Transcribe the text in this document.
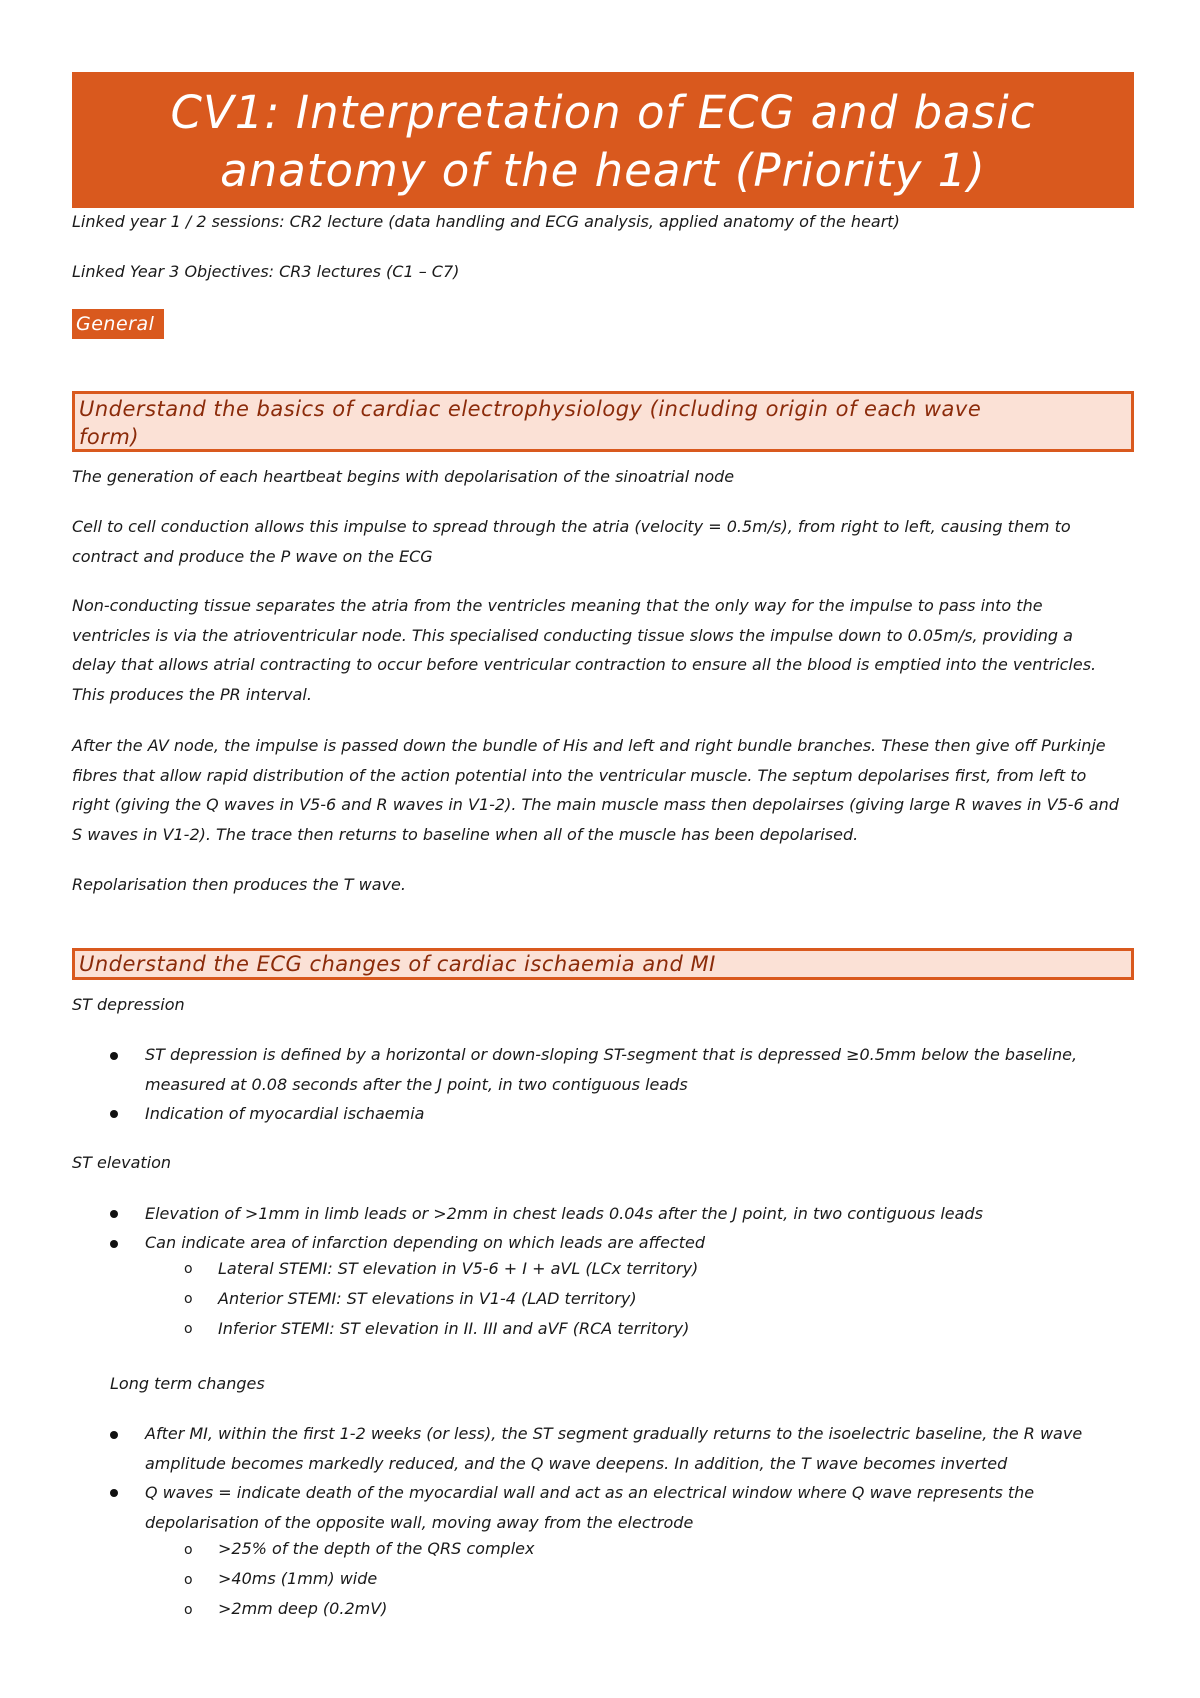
CV1: Interpretation of ECG and basic
anatomy of the heart (Priority 1)
Linked year 1 / 2 sessions: CR2 lecture (data handling and ECG analysis, applied anatomy of the heart)
Linked Year 3 Objectives: CR3 lectures (C1 – C7)
General
Understand the basics of cardiac electrophysiology (including origin of each wave
form)
The generation of each heartbeat begins with depolarisation of the sinoatrial node

Cell to cell conduction allows this impulse to spread through the atria (velocity = 0.5m/s), from right to left, causing them to

contract and produce the P wave on the ECG

Non-conducting tissue separates the atria from the ventricles meaning that the only way for the impulse to pass into the

ventricles is via the atrioventricular node. This specialised conducting tissue slows the impulse down to 0.05m/s, providing a

delay that allows atrial contracting to occur before ventricular contraction to ensure all the blood is emptied into the ventricles.

This produces the PR interval.

After the AV node, the impulse is passed down the bundle of His and left and right bundle branches. These then give off Purkinje

fibres that allow rapid distribution of the action potential into the ventricular muscle. The septum depolarises first, from left to

right (giving the Q waves in V5-6 and R waves in V1-2). The main muscle mass then depolairses (giving large R waves in V5-6 and

S waves in V1-2). The trace then returns to baseline when all of the muscle has been depolarised.

Repolarisation then produces the T wave.
Understand the ECG changes of cardiac ischaemia and MI
ST depression
ST depression is defined by a horizontal or down-sloping ST-segment that is depressed ≥0.5mm below the baseline,
measured at 0.08 seconds after the J point, in two contiguous leads
Indication of myocardial ischaemia
ST elevation
Elevation of >1mm in limb leads or >2mm in chest leads 0.04s after the J point, in two contiguous leads
Can indicate area of infarction depending on which leads are affected
o Lateral STEMI: ST elevation in V5-6 + I + aVL (LCx territory)
o Anterior STEMI: ST elevations in V1-4 (LAD territory)
o Inferior STEMI: ST elevation in II. III and aVF (RCA territory)
Long term changes
After MI, within the first 1-2 weeks (or less), the ST segment gradually returns to the isoelectric baseline, the R wave
amplitude becomes markedly reduced, and the Q wave deepens. In addition, the T wave becomes inverted
Q waves = indicate death of the myocardial wall and act as an electrical window where Q wave represents the
depolarisation of the opposite wall, moving away from the electrode
o >25% of the depth of the QRS complex
o >40ms (1mm) wide
o >2mm deep (0.2mV)
